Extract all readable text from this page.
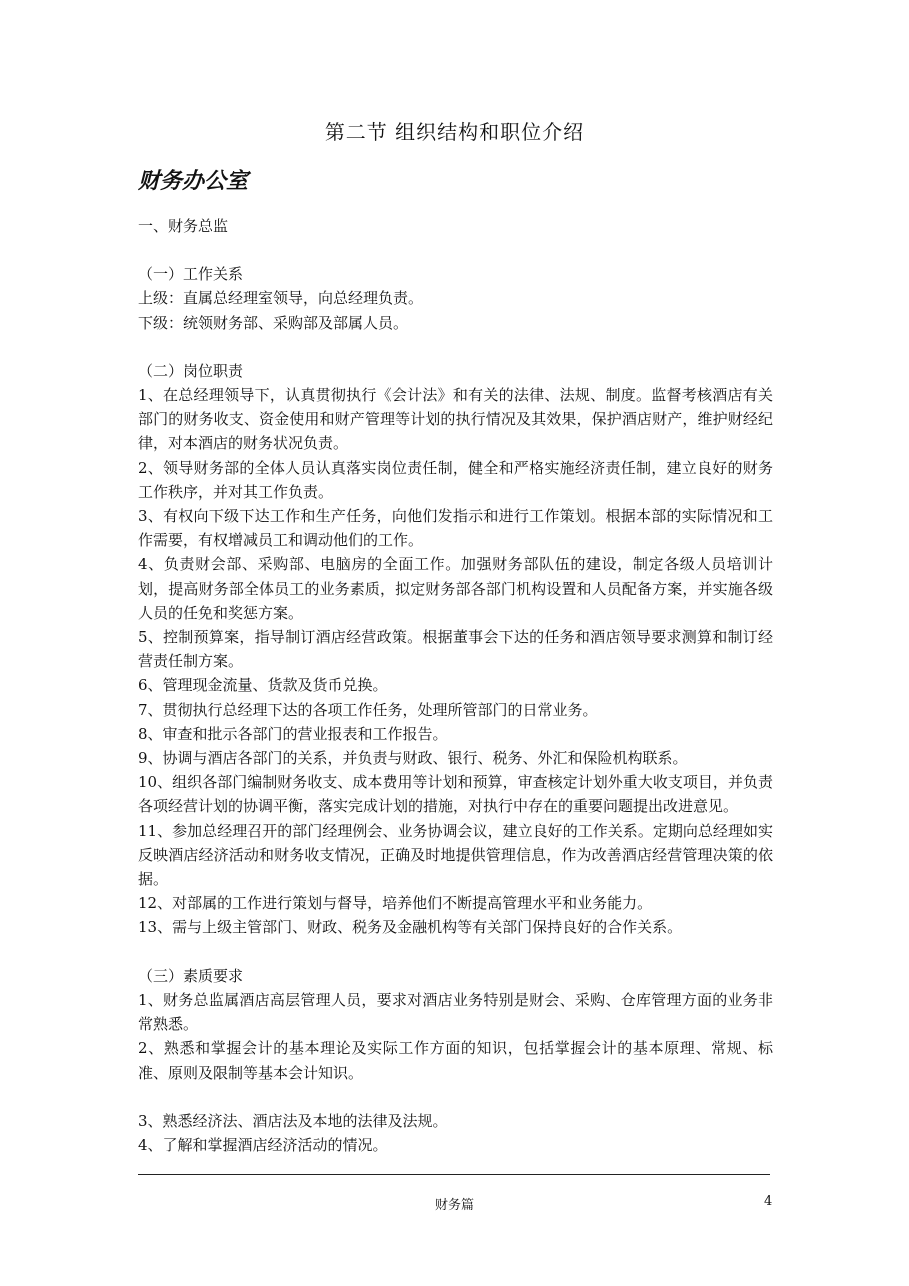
第二节 组织结构和职位介绍
财务办公室

一、财务总监

（一）工作关系

上级：直属总经理室领导，向总经理负责。

下级：统领财务部、采购部及部属人员。

（二）岗位职责

1、在总经理领导下，认真贯彻执行《会计法》和有关的法律、法规、制度。监督考核酒店有关部门的财务收支、资金使用和财产管理等计划的执行情况及其效果，保护酒店财产，维护财经纪律，对本酒店的财务状况负责。

2、领导财务部的全体人员认真落实岗位责任制，健全和严格实施经济责任制，建立良好的财务工作秩序，并对其工作负责。

3、有权向下级下达工作和生产任务，向他们发指示和进行工作策划。根据本部的实际情况和工作需要，有权增减员工和调动他们的工作。

4、负责财会部、采购部、电脑房的全面工作。加强财务部队伍的建设，制定各级人员培训计划，提高财务部全体员工的业务素质，拟定财务部各部门机构设置和人员配备方案，并实施各级人员的任免和奖惩方案。

5、控制预算案，指导制订酒店经营政策。根据董事会下达的任务和酒店领导要求测算和制订经营责任制方案。

6、管理现金流量、货款及货币兑换。

7、贯彻执行总经理下达的各项工作任务，处理所管部门的日常业务。

8、审查和批示各部门的营业报表和工作报告。

9、协调与酒店各部门的关系，并负责与财政、银行、税务、外汇和保险机构联系。

10、组织各部门编制财务收支、成本费用等计划和预算，审查核定计划外重大收支项目，并负责各项经营计划的协调平衡，落实完成计划的措施，对执行中存在的重要问题提出改进意见。

11、参加总经理召开的部门经理例会、业务协调会议，建立良好的工作关系。定期向总经理如实反映酒店经济活动和财务收支情况，正确及时地提供管理信息，作为改善酒店经营管理决策的依据。

12、对部属的工作进行策划与督导，培养他们不断提高管理水平和业务能力。

13、需与上级主管部门、财政、税务及金融机构等有关部门保持良好的合作关系。

（三）素质要求

1、财务总监属酒店高层管理人员，要求对酒店业务特别是财会、采购、仓库管理方面的业务非常熟悉。

2、熟悉和掌握会计的基本理论及实际工作方面的知识，包括掌握会计的基本原理、常规、标准、原则及限制等基本会计知识。

3、熟悉经济法、酒店法及本地的法律及法规。

4、了解和掌握酒店经济活动的情况。

财务篇	4
